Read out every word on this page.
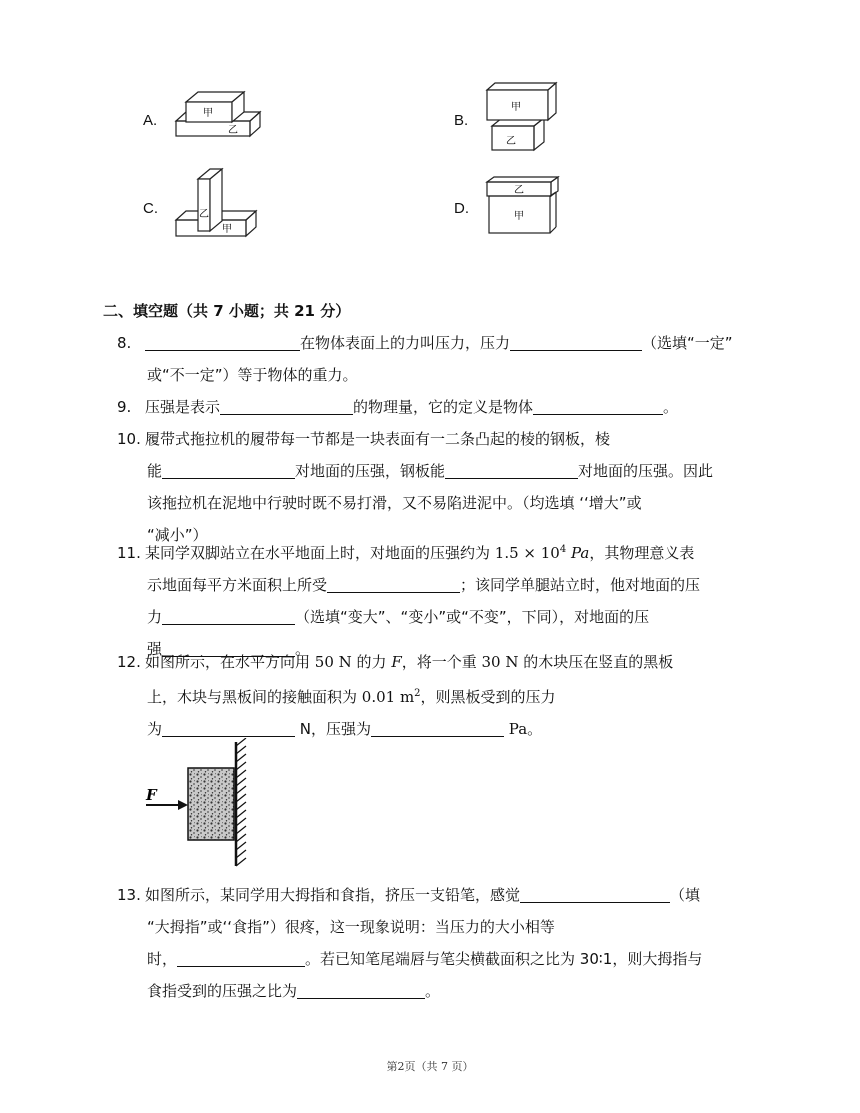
A.	甲
乙
B.
甲
乙
C.	乙
甲
D.
乙
甲
二、填空题（共 7 小题；共 21 分）

8.	在物体表面上的力叫压力，压力	（选填“一定”

或“不一定”）等于物体的重力。

9. 压强是表示	的物理量，它的定义是物体	。

10. 履带式拖拉机的履带每一节都是一块表面有一二条凸起的棱的钢板，棱

能	对地面的压强，钢板能	对地面的压强。因此

该拖拉机在泥地中行驶时既不易打滑，又不易陷进泥中。（均选填 ‘‘增大”或

“减小”）

11. 某同学双脚站立在水平地面上时，对地面的压强约为 $1.5 \times 10^4$ Pa，其物理意义表

示地面每平方米面积上所受	；该同学单腿站立时，他对地面的压

力	（选填“变大”、“变小”或“不变”，下同），对地面的压

强	。

12. 如图所示，在水平方向用 50 N 的力 F，将一个重 30 N 的木块压在竖直的黑板

上，木块与黑板间的接触面积为 0.01 $m^2$，则黑板受到的压力

为	N，压强为	Pa。

F

13. 如图所示，某同学用大拇指和食指，挤压一支铅笔，感觉	（填

“大拇指”或‘‘食指”）很疼，这一现象说明：当压力的大小相等

时，	。若已知笔尾端唇与笔尖横截面积之比为 30∶1，则大拇指与

食指受到的压强之比为	。

第2页（共 7 页）
